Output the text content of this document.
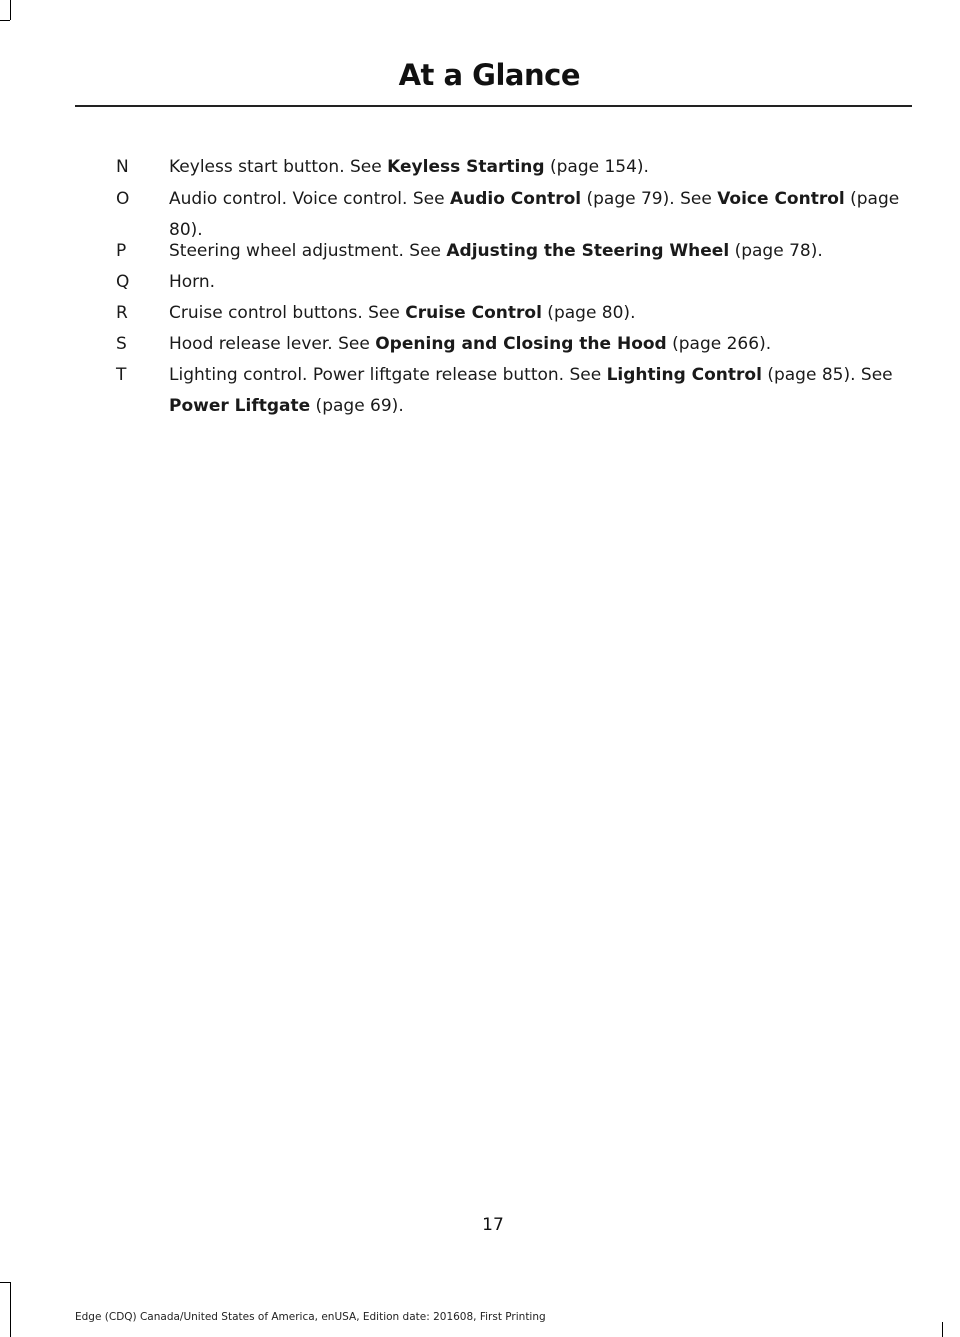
At a Glance
N	Keyless start button. See Keyless Starting (page 154).
O	Audio control. Voice control. See Audio Control (page 79). See Voice Control (page 80).
P	Steering wheel adjustment. See Adjusting the Steering Wheel (page 78).
Q	Horn.
R	Cruise control buttons. See Cruise Control (page 80).
S	Hood release lever. See Opening and Closing the Hood (page 266).
T	Lighting control. Power liftgate release button. See Lighting Control (page 85). See Power Liftgate (page 69).
17
Edge (CDQ) Canada/United States of America, enUSA, Edition date: 201608, First Printing
